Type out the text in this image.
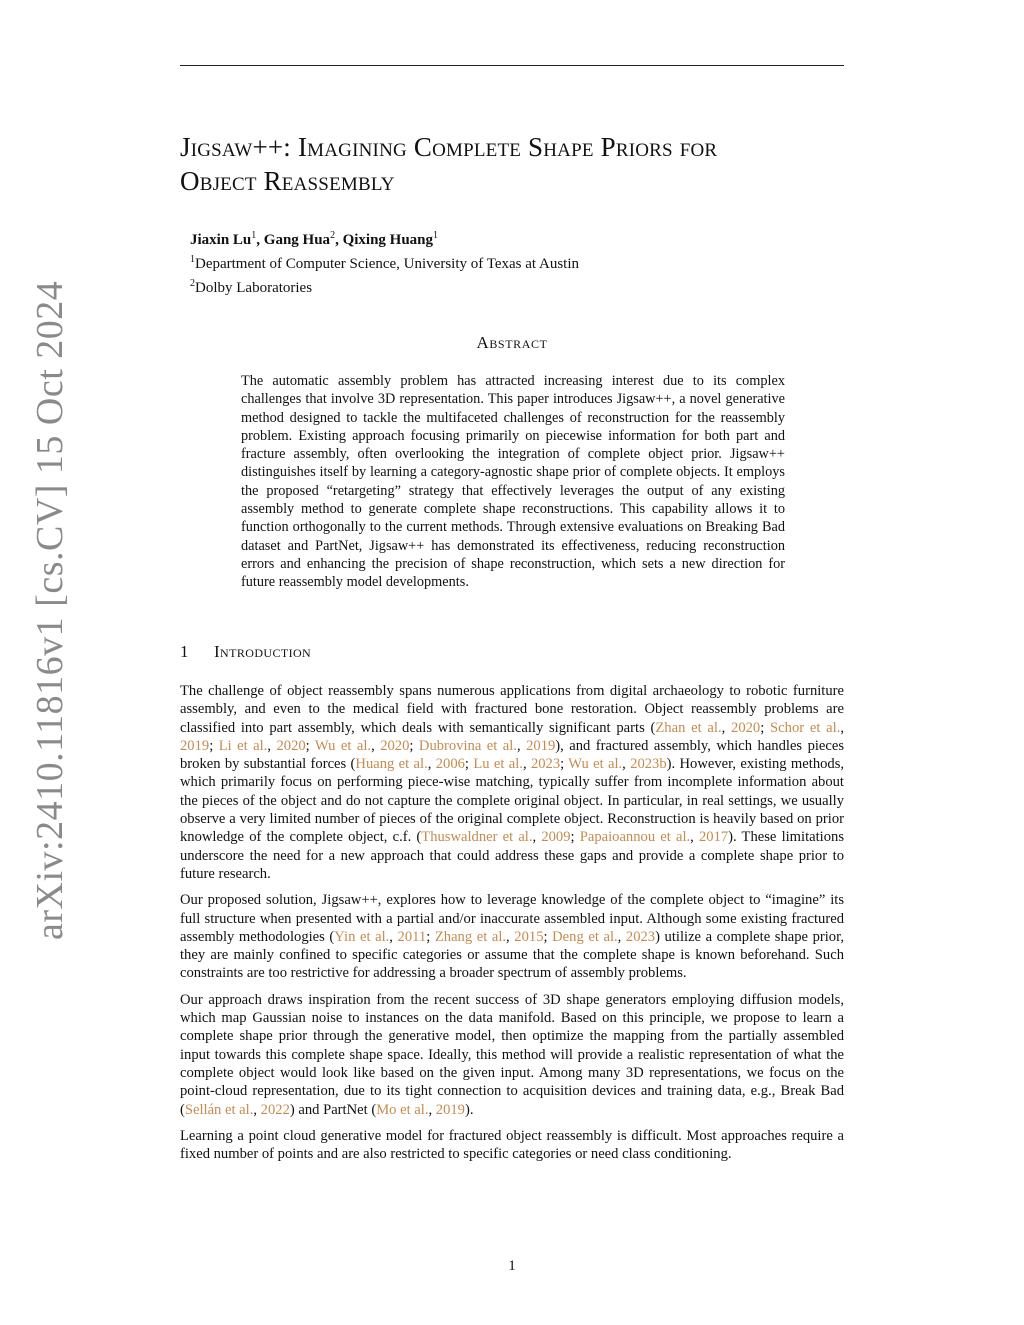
arXiv:2410.11816v1 [cs.CV] 15 Oct 2024
Jigsaw++: Imagining Complete Shape Priors for
Object Reassembly
Jiaxin Lu$^1$, Gang Hua$^2$, Qixing Huang$^1$
$^1$Department of Computer Science, University of Texas at Austin
$^2$Dolby Laboratories
Abstract

The automatic assembly problem has attracted increasing interest due to its complex challenges that involve 3D representation. This paper introduces Jigsaw++, a novel generative method designed to tackle the multifaceted challenges of reconstruction for the reassembly problem. Existing approach focusing primarily on piecewise information for both part and fracture assembly, often overlooking the integration of complete object prior. Jigsaw++ distinguishes itself by learning a category-agnostic shape prior of complete objects. It employs the proposed “retargeting” strategy that effectively leverages the output of any existing assembly method to generate complete shape reconstructions. This capability allows it to function orthogonally to the current methods. Through extensive evaluations on Breaking Bad dataset and PartNet, Jigsaw++ has demonstrated its effectiveness, reducing reconstruction errors and enhancing the precision of shape reconstruction, which sets a new direction for future reassembly model developments.

1 Introduction

The challenge of object reassembly spans numerous applications from digital archaeology to robotic furniture assembly, and even to the medical field with fractured bone restoration. Object reassembly problems are classified into part assembly, which deals with semantically significant parts (Zhan et al., 2020; Schor et al., 2019; Li et al., 2020; Wu et al., 2020; Dubrovina et al., 2019), and fractured assembly, which handles pieces broken by substantial forces (Huang et al., 2006; Lu et al., 2023; Wu et al., 2023b). However, existing methods, which primarily focus on performing piece-wise matching, typically suffer from incomplete information about the pieces of the object and do not capture the complete original object. In particular, in real settings, we usually observe a very limited number of pieces of the original complete object. Reconstruction is heavily based on prior knowledge of the complete object, c.f. (Thuswaldner et al., 2009; Papaioannou et al., 2017). These limitations underscore the need for a new approach that could address these gaps and provide a complete shape prior to future research.

Our proposed solution, Jigsaw++, explores how to leverage knowledge of the complete object to “imagine” its full structure when presented with a partial and/or inaccurate assembled input. Although some existing fractured assembly methodologies (Yin et al., 2011; Zhang et al., 2015; Deng et al., 2023) utilize a complete shape prior, they are mainly confined to specific categories or assume that the complete shape is known beforehand. Such constraints are too restrictive for addressing a broader spectrum of assembly problems.

Our approach draws inspiration from the recent success of 3D shape generators employing diffusion models, which map Gaussian noise to instances on the data manifold. Based on this principle, we propose to learn a complete shape prior through the generative model, then optimize the mapping from the partially assembled input towards this complete shape space. Ideally, this method will provide a realistic representation of what the complete object would look like based on the given input. Among many 3D representations, we focus on the point-cloud representation, due to its tight connection to acquisition devices and training data, e.g., Break Bad (Sellán et al., 2022) and PartNet (Mo et al., 2019).

Learning a point cloud generative model for fractured object reassembly is difficult. Most approaches require a fixed number of points and are also restricted to specific categories or need class conditioning.

1
